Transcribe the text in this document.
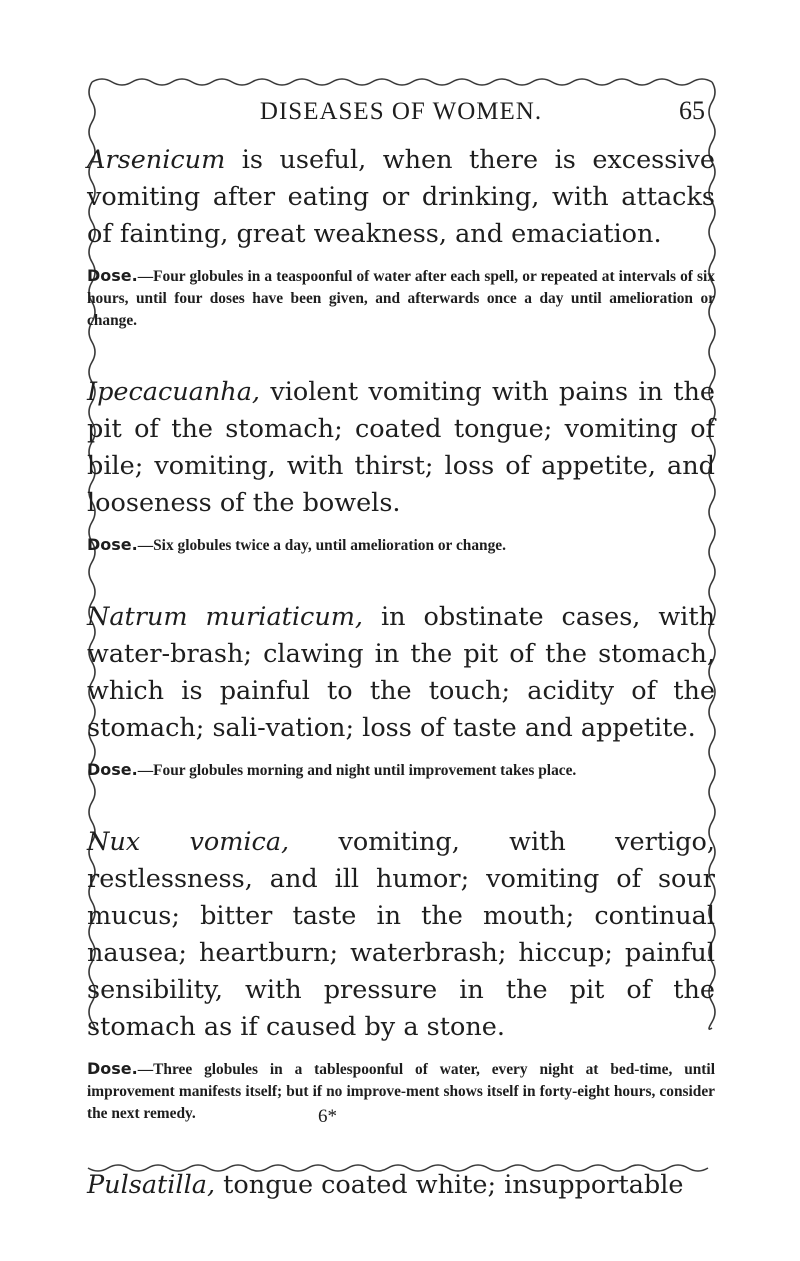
DISEASES OF WOMEN.	65

Arsenicum is useful, when there is excessive vomiting after eating or drinking, with attacks of fainting, great weakness, and emaciation.

Dose.—Four globules in a teaspoonful of water after each spell, or repeated at intervals of six hours, until four doses have been given, and afterwards once a day until amelioration or change.

Ipecacuanha, violent vomiting with pains in the pit of the stomach; coated tongue; vomiting of bile; vomiting, with thirst; loss of appetite, and looseness of the bowels.

Dose.—Six globules twice a day, until amelioration or change.

Natrum muriaticum, in obstinate cases, with water-brash; clawing in the pit of the stomach, which is painful to the touch; acidity of the stomach; sali-vation; loss of taste and appetite.

Dose.—Four globules morning and night until improvement takes place.

Nux vomica, vomiting, with vertigo, restlessness, and ill humor; vomiting of sour mucus; bitter taste in the mouth; continual nausea; heartburn; waterbrash; hiccup; painful sensibility, with pressure in the pit of the stomach as if caused by a stone.

Dose.—Three globules in a tablespoonful of water, every night at bed-time, until improvement manifests itself; but if no improve-ment shows itself in forty-eight hours, consider the next remedy.

Pulsatilla, tongue coated white; insupportable

6*
